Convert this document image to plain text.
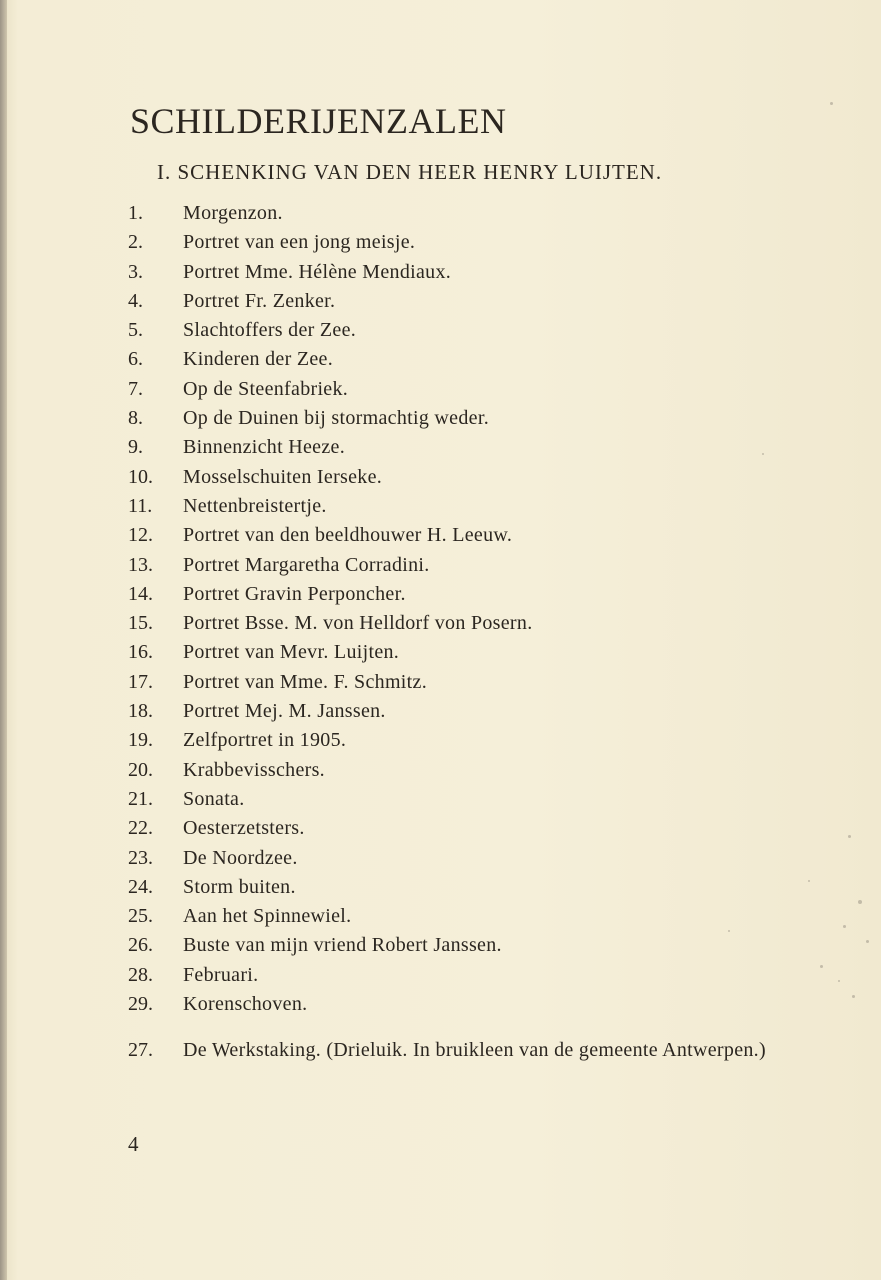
SCHILDERIJENZALEN
I. SCHENKING VAN DEN HEER HENRY LUIJTEN.
1.	Morgenzon.
2.	Portret van een jong meisje.
3.	Portret Mme. Hélène Mendiaux.
4.	Portret Fr. Zenker.
5.	Slachtoffers der Zee.
6.	Kinderen der Zee.
7.	Op de Steenfabriek.
8.	Op de Duinen bij stormachtig weder.
9.	Binnenzicht Heeze.
10.	Mosselschuiten Ierseke.
11.	Nettenbreistertje.
12.	Portret van den beeldhouwer H. Leeuw.
13.	Portret Margaretha Corradini.
14.	Portret Gravin Perponcher.
15.	Portret Bsse. M. von Helldorf von Posern.
16.	Portret van Mevr. Luijten.
17.	Portret van Mme. F. Schmitz.
18.	Portret Mej. M. Janssen.
19.	Zelfportret in 1905.
20.	Krabbevisschers.
21.	Sonata.
22.	Oesterzetsters.
23.	De Noordzee.
24.	Storm buiten.
25.	Aan het Spinnewiel.
26.	Buste van mijn vriend Robert Janssen.
28.	Februari.
29.	Korenschoven.
27.	De Werkstaking. (Drieluik. In bruikleen van de gemeente Antwerpen.)
4
